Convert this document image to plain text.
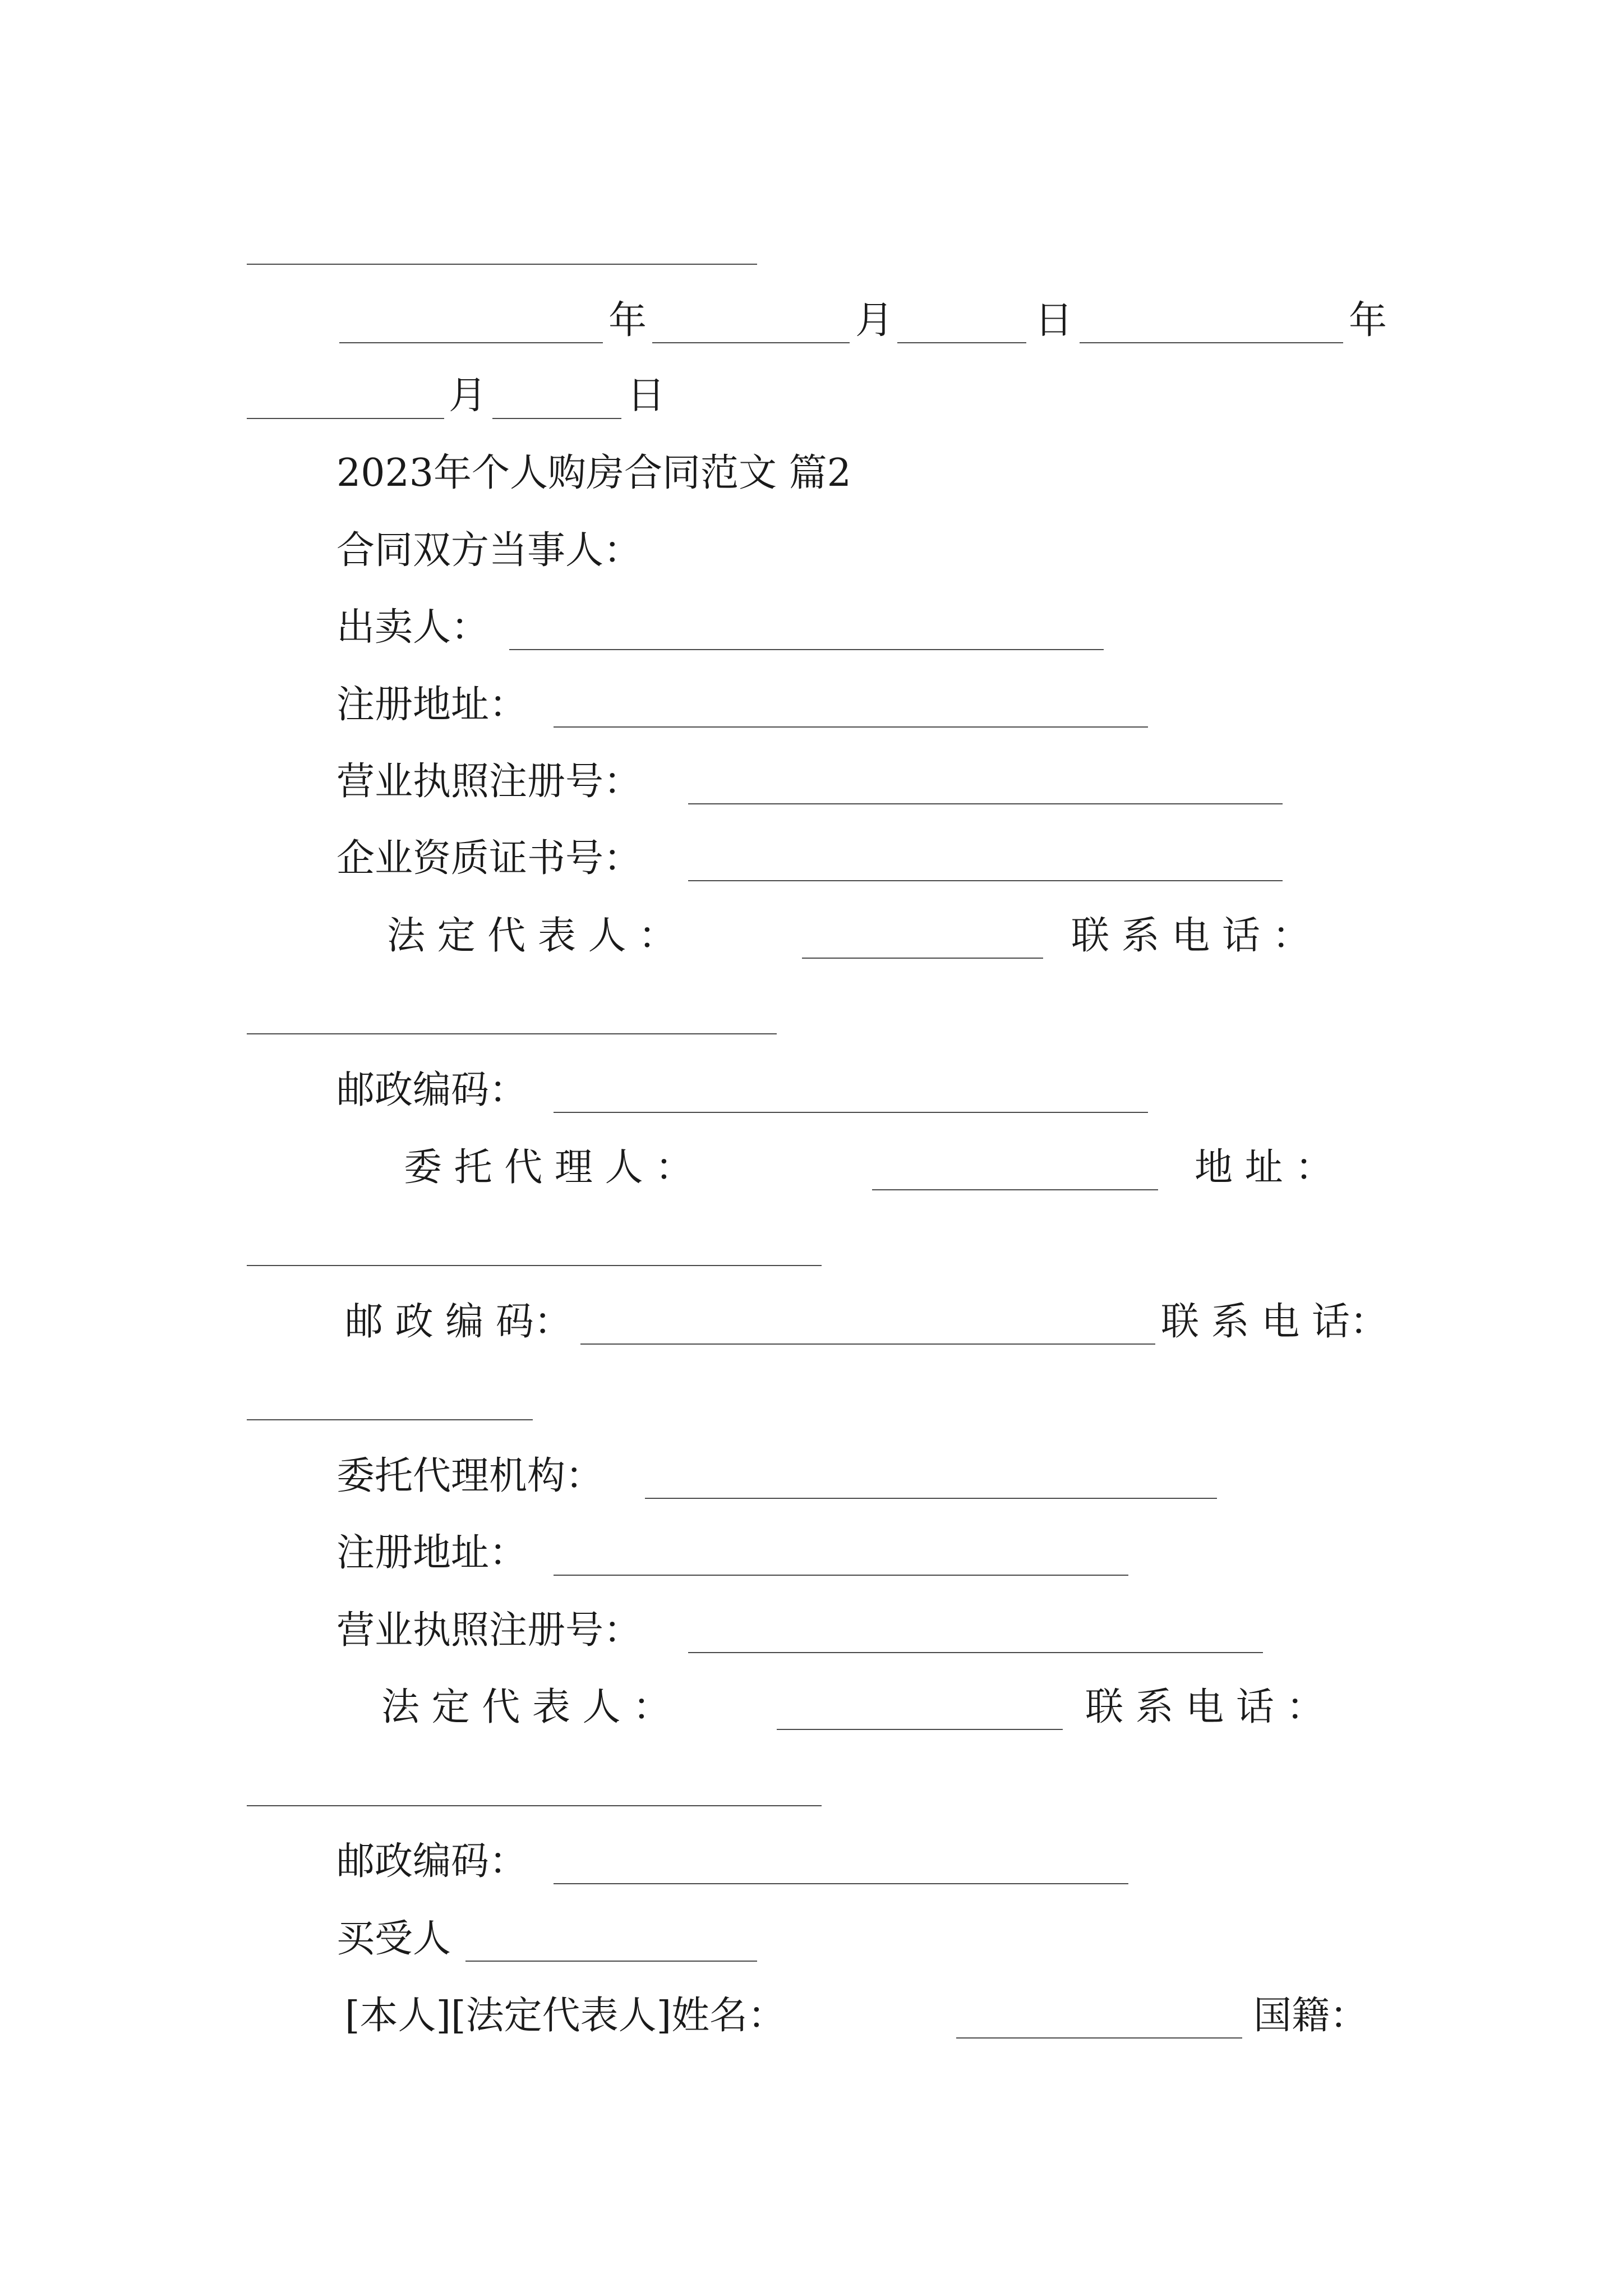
年	月	日	年
月	日
2023年个人购房合同范文 篇2
合同双方当事人：
出卖人：
注册地址：
营业执照注册号：
企业资质证书号：
法 定 代 表 人 ：	联 系 电 话 ：
邮政编码：
委 托 代 理 人 ：	地 址 ：
邮 政 编 码：	联 系 电 话：
委托代理机构：
注册地址：
营业执照注册号：
法 定 代 表 人 ：	联 系 电 话 ：
邮政编码：
买受人
[本人][法定代表人]姓名：	国籍：
